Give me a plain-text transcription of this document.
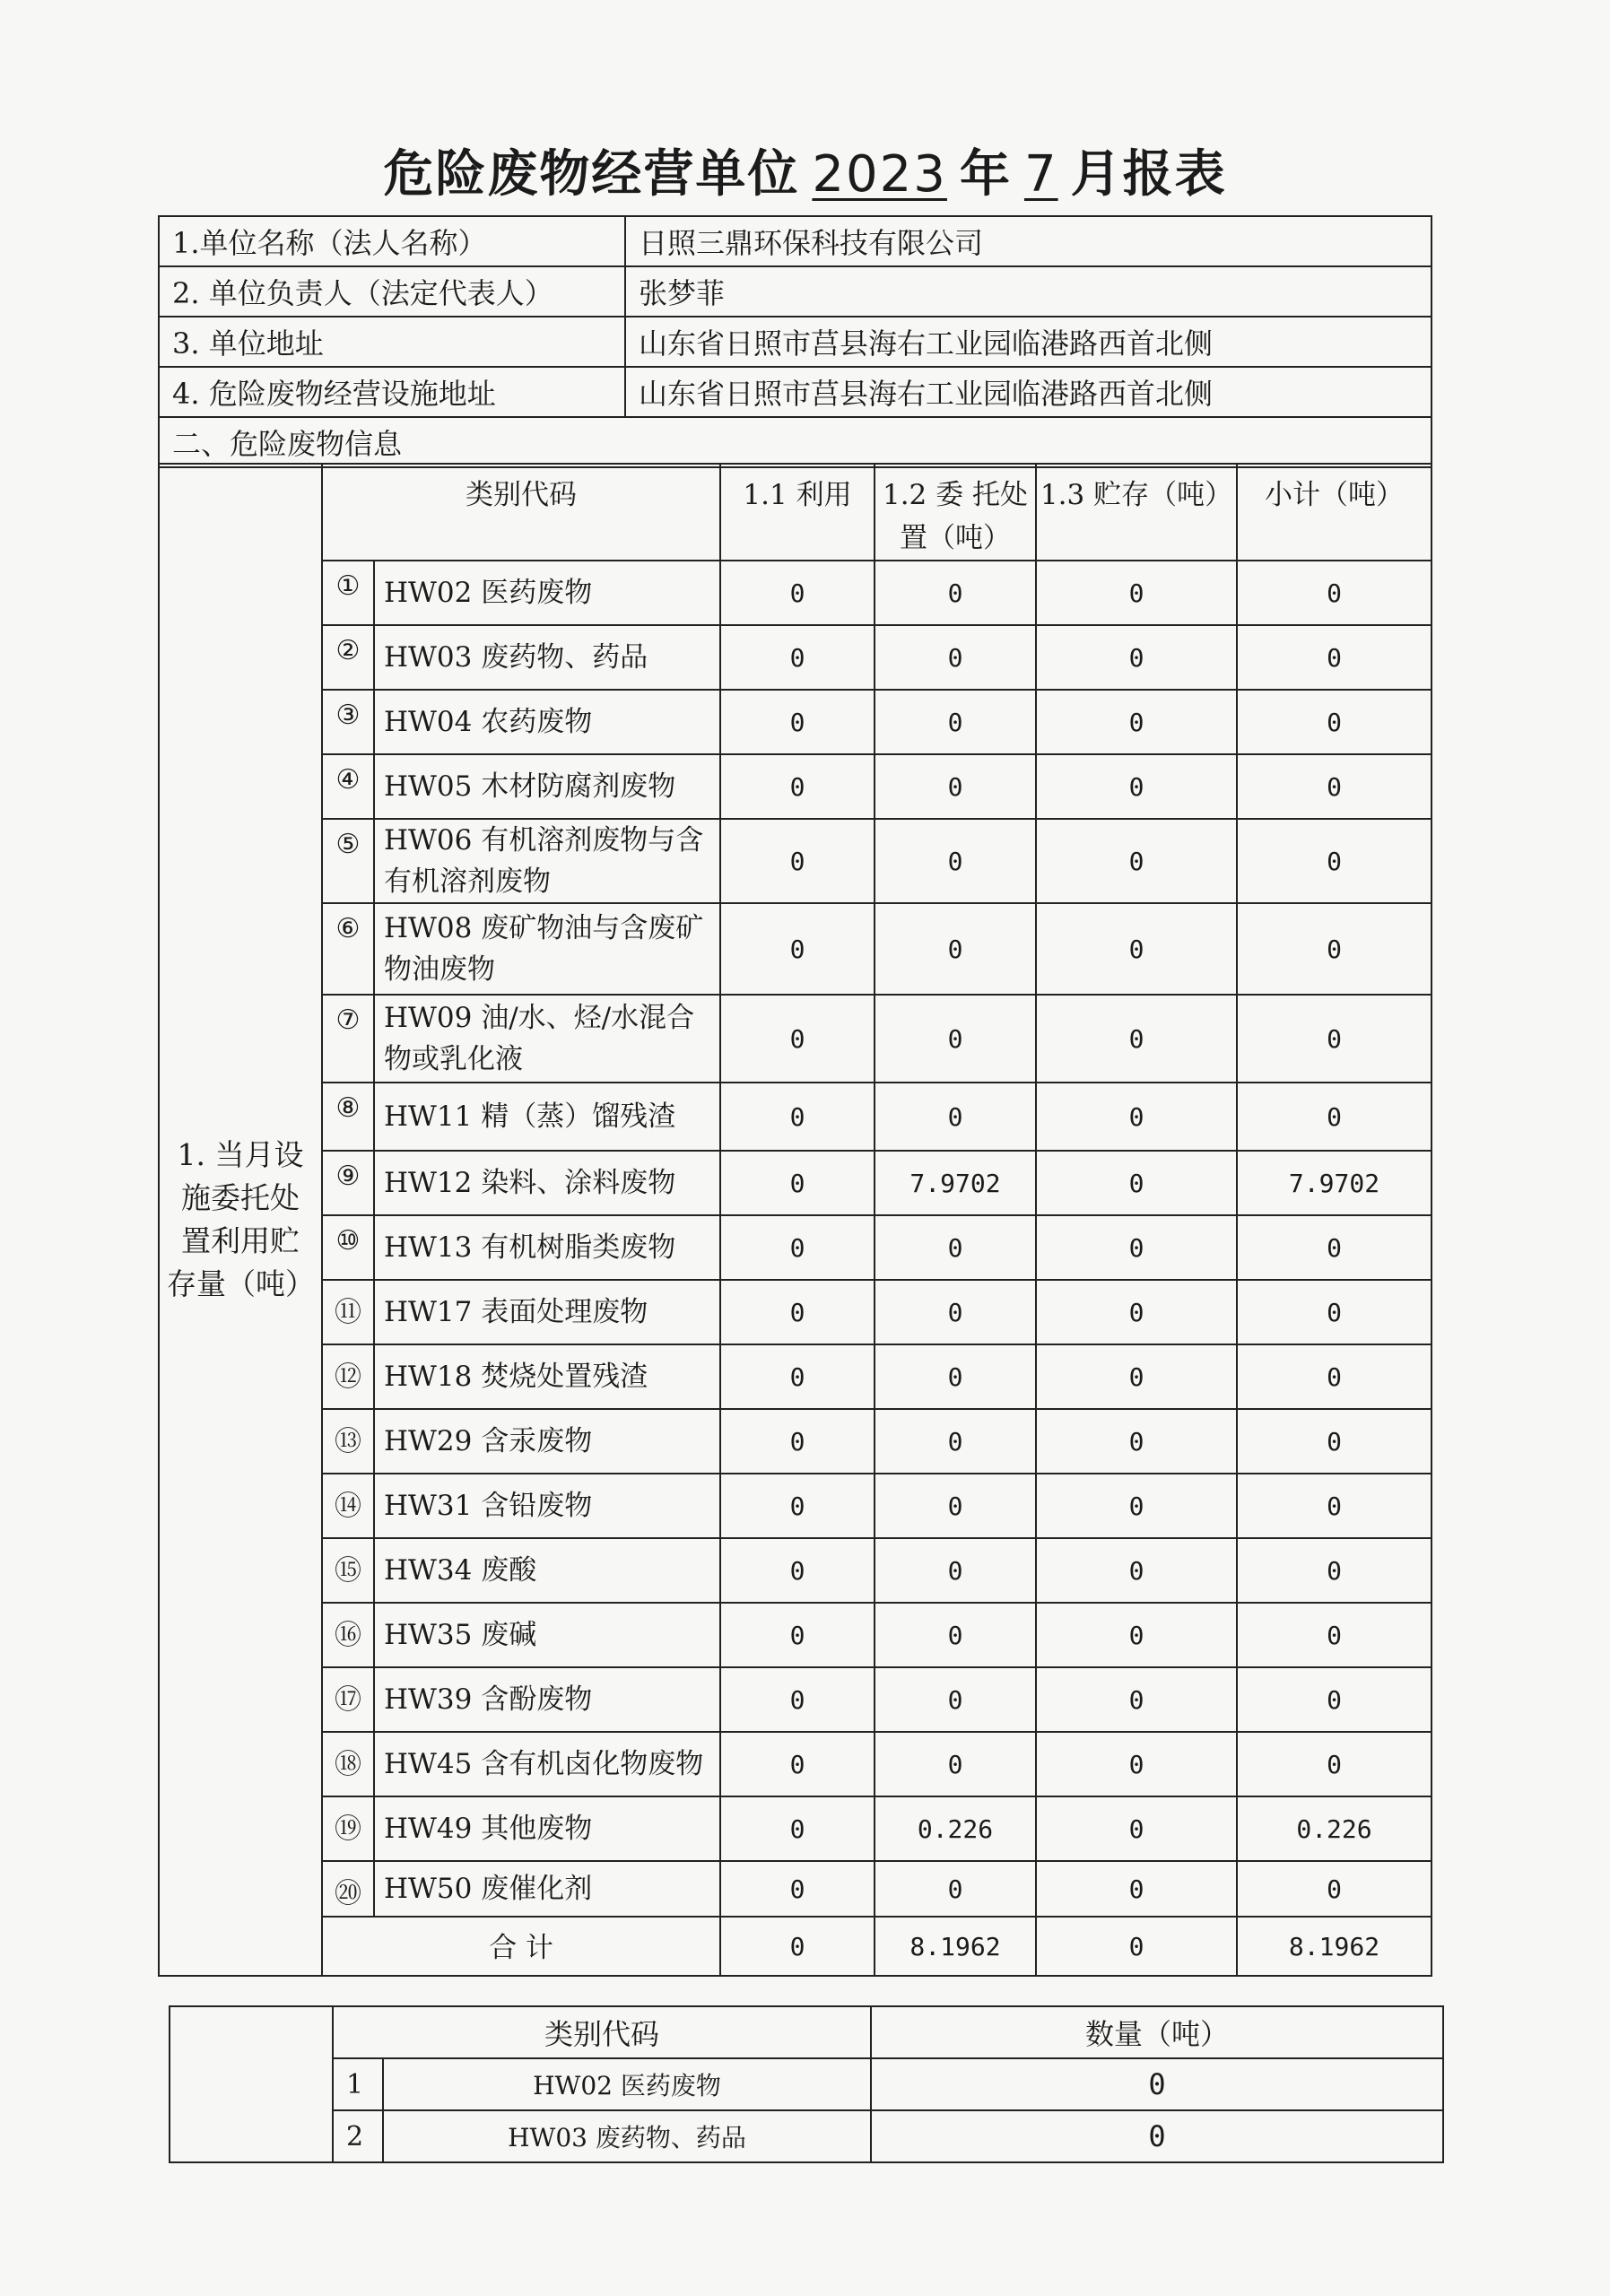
危险废物经营单位 2023 年 7 月报表
1.单位名称（法人名称）	日照三鼎环保科技有限公司
2. 单位负责人（法定代表人）	张梦菲
3. 单位地址	山东省日照市莒县海右工业园临港路西首北侧
4. 危险废物经营设施地址	山东省日照市莒县海右工业园临港路西首北侧
二、危险废物信息	
1. 当月设施委托处置利用贮存量（吨）	类别代码		1.1 利用	1.2 委 托处置（吨）	1.3 贮存（吨）	小计（吨）
	①	HW02 医药废物	0	0	0	0
	②	HW03 废药物、药品	0	0	0	0
	③	HW04 农药废物	0	0	0	0
	④	HW05 木材防腐剂废物	0	0	0	0
	⑤	HW06 有机溶剂废物与含有机溶剂废物	0	0	0	0
	⑥	HW08 废矿物油与含废矿物油废物	0	0	0	0
	⑦	HW09 油/水、烃/水混合物或乳化液	0	0	0	0
	⑧	HW11 精（蒸）馏残渣	0	0	0	0
	⑨	HW12 染料、涂料废物	0	7.9702	0	7.9702
	⑩	HW13 有机树脂类废物	0	0	0	0
	⑪	HW17 表面处理废物	0	0	0	0
	⑫	HW18 焚烧处置残渣	0	0	0	0
	⑬	HW29 含汞废物	0	0	0	0
	⑭	HW31 含铅废物	0	0	0	0
	⑮	HW34 废酸	0	0	0	0
	⑯	HW35 废碱	0	0	0	0
	⑰	HW39 含酚废物	0	0	0	0
	⑱	HW45 含有机卤化物废物	0	0	0	0
	⑲	HW49 其他废物	0	0.226	0	0.226
	⑳	HW50 废催化剂	0	0	0	0
	合 计		0	8.1962	0	8.1962
	类别代码		数量（吨）
	1	HW02 医药废物	0
	2	HW03 废药物、药品	0
